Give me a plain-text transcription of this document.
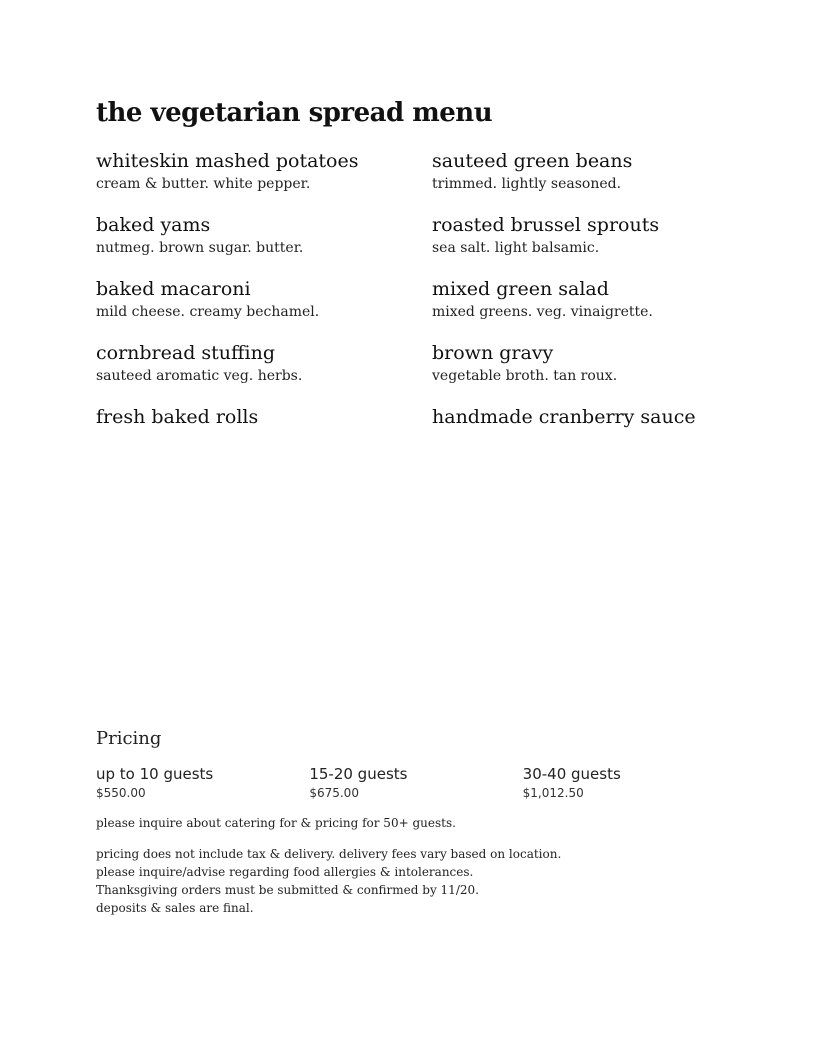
the vegetarian spread menu
whiteskin mashed potatoes
cream & butter. white pepper.
sauteed green beans
trimmed. lightly seasoned.
baked yams
nutmeg. brown sugar. butter.
roasted brussel sprouts
sea salt. light balsamic.
baked macaroni
mild cheese. creamy bechamel.
mixed green salad
mixed greens. veg. vinaigrette.
cornbread stuffing
sauteed aromatic veg. herbs.
brown gravy
vegetable broth. tan roux.
fresh baked rolls	handmade cranberry sauce
Pricing
up to 10 guests
$550.00
15-20 guests
$675.00
30-40 guests
$1,012.50
please inquire about catering for & pricing for 50+ guests.
pricing does not include tax & delivery. delivery fees vary based on location.
please inquire/advise regarding food allergies & intolerances.
Thanksgiving orders must be submitted & confirmed by 11/20.
deposits & sales are final.
